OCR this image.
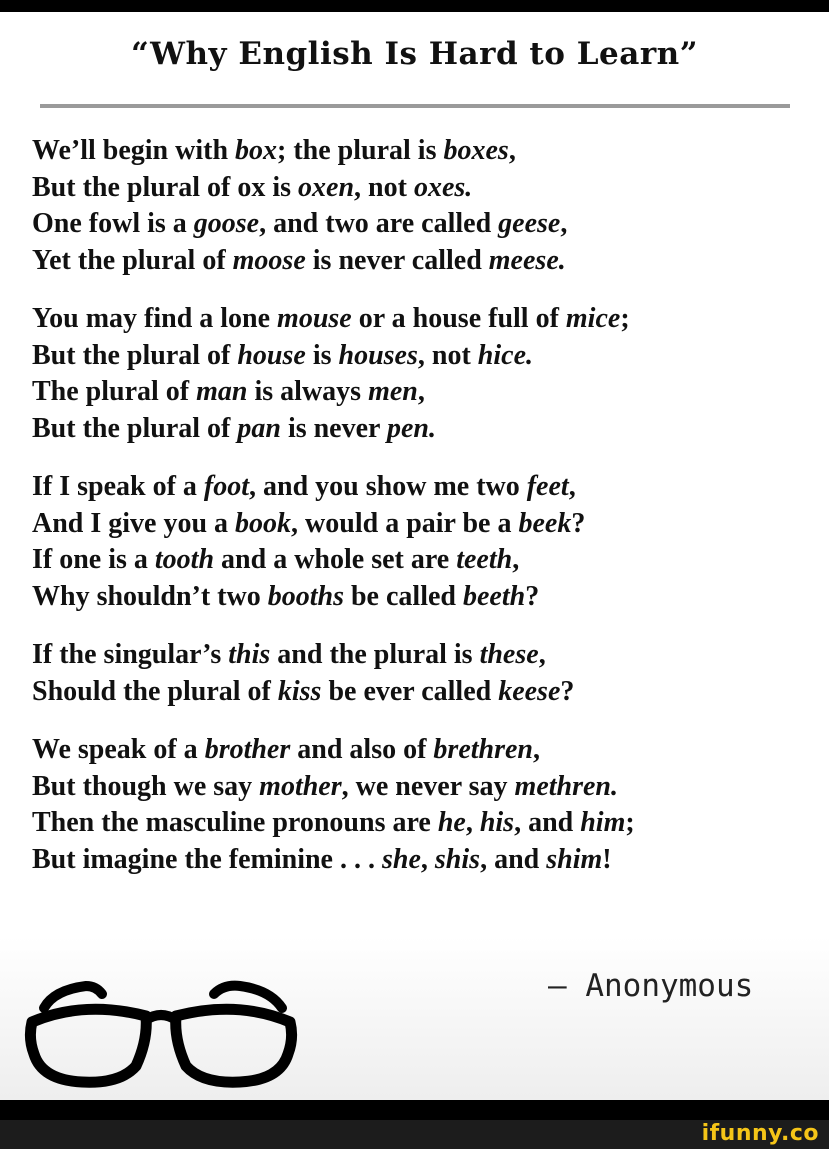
“Why English Is Hard to Learn”
We’ll begin with box; the plural is boxes,
But the plural of ox is oxen, not oxes.
One fowl is a goose, and two are called geese,
Yet the plural of moose is never called meese.
You may find a lone mouse or a house full of mice;
But the plural of house is houses, not hice.
The plural of man is always men,
But the plural of pan is never pen.
If I speak of a foot, and you show me two feet,
And I give you a book, would a pair be a beek?
If one is a tooth and a whole set are teeth,
Why shouldn’t two booths be called beeth?
If the singular’s this and the plural is these,
Should the plural of kiss be ever called keese?
We speak of a brother and also of brethren,
But though we say mother, we never say methren.
Then the masculine pronouns are he, his, and him;
But imagine the feminine . . . she, shis, and shim!
— Anonymous
ifunny.co
